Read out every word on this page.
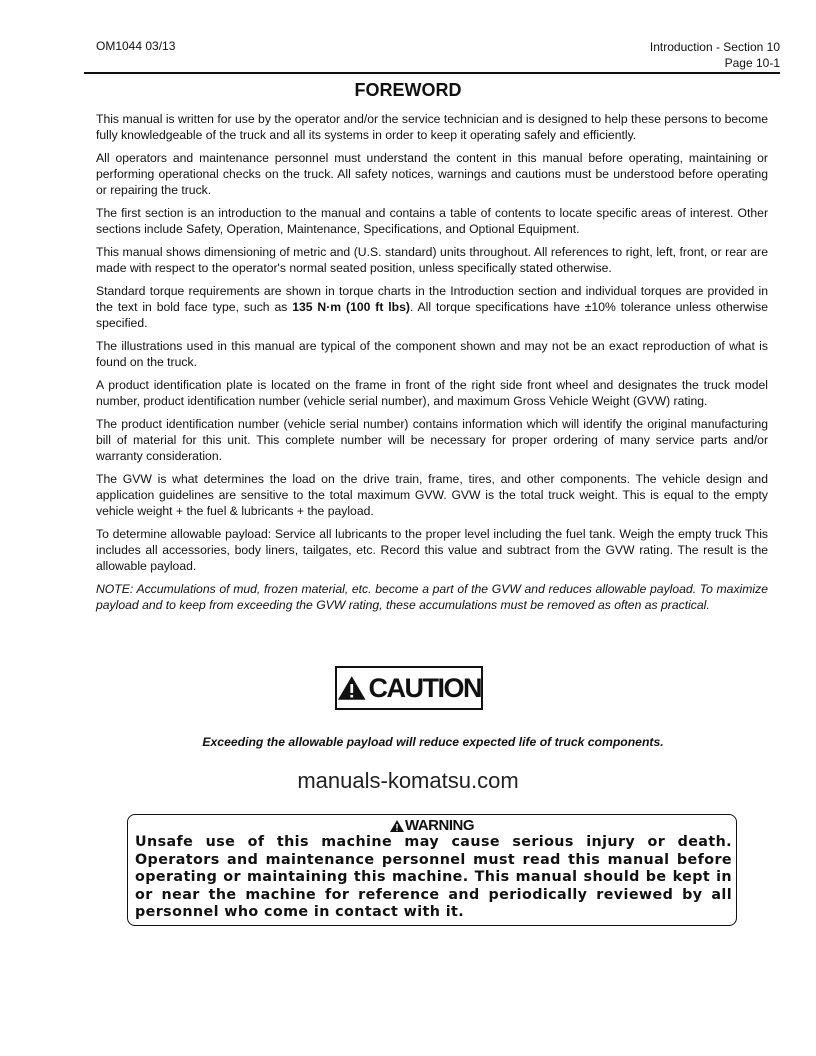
OM1044 03/13	Introduction - Section 10
Page 10-1
FOREWORD

This manual is written for use by the operator and/or the service technician and is designed to help these persons to become fully knowledgeable of the truck and all its systems in order to keep it operating safely and efficiently.

All operators and maintenance personnel must understand the content in this manual before operating, maintaining or performing operational checks on the truck. All safety notices, warnings and cautions must be understood before operating or repairing the truck.

The first section is an introduction to the manual and contains a table of contents to locate specific areas of interest. Other sections include Safety, Operation, Maintenance, Specifications, and Optional Equipment.

This manual shows dimensioning of metric and (U.S. standard) units throughout. All references to right, left, front, or rear are made with respect to the operator's normal seated position, unless specifically stated otherwise.

Standard torque requirements are shown in torque charts in the Introduction section and individual torques are provided in the text in bold face type, such as 135 N·m (100 ft lbs). All torque specifications have ±10% tolerance unless otherwise specified.

The illustrations used in this manual are typical of the component shown and may not be an exact reproduction of what is found on the truck.

A product identification plate is located on the frame in front of the right side front wheel and designates the truck model number, product identification number (vehicle serial number), and maximum Gross Vehicle Weight (GVW) rating.

The product identification number (vehicle serial number) contains information which will identify the original manufacturing bill of material for this unit. This complete number will be necessary for proper ordering of many service parts and/or warranty consideration.

The GVW is what determines the load on the drive train, frame, tires, and other components. The vehicle design and application guidelines are sensitive to the total maximum GVW. GVW is the total truck weight. This is equal to the empty vehicle weight + the fuel & lubricants + the payload.

To determine allowable payload: Service all lubricants to the proper level including the fuel tank. Weigh the empty truck This includes all accessories, body liners, tailgates, etc. Record this value and subtract from the GVW rating. The result is the allowable payload.

NOTE: Accumulations of mud, frozen material, etc. become a part of the GVW and reduces allowable payload. To maximize payload and to keep from exceeding the GVW rating, these accumulations must be removed as often as practical.

CAUTION
Exceeding the allowable payload will reduce expected life of truck components.
manuals-komatsu.com
WARNING
Unsafe use of this machine may cause serious injury or death. Operators and maintenance personnel must read this manual before operating or maintaining this machine. This manual should be kept in or near the machine for reference and periodically reviewed by all personnel who come in contact with it.
